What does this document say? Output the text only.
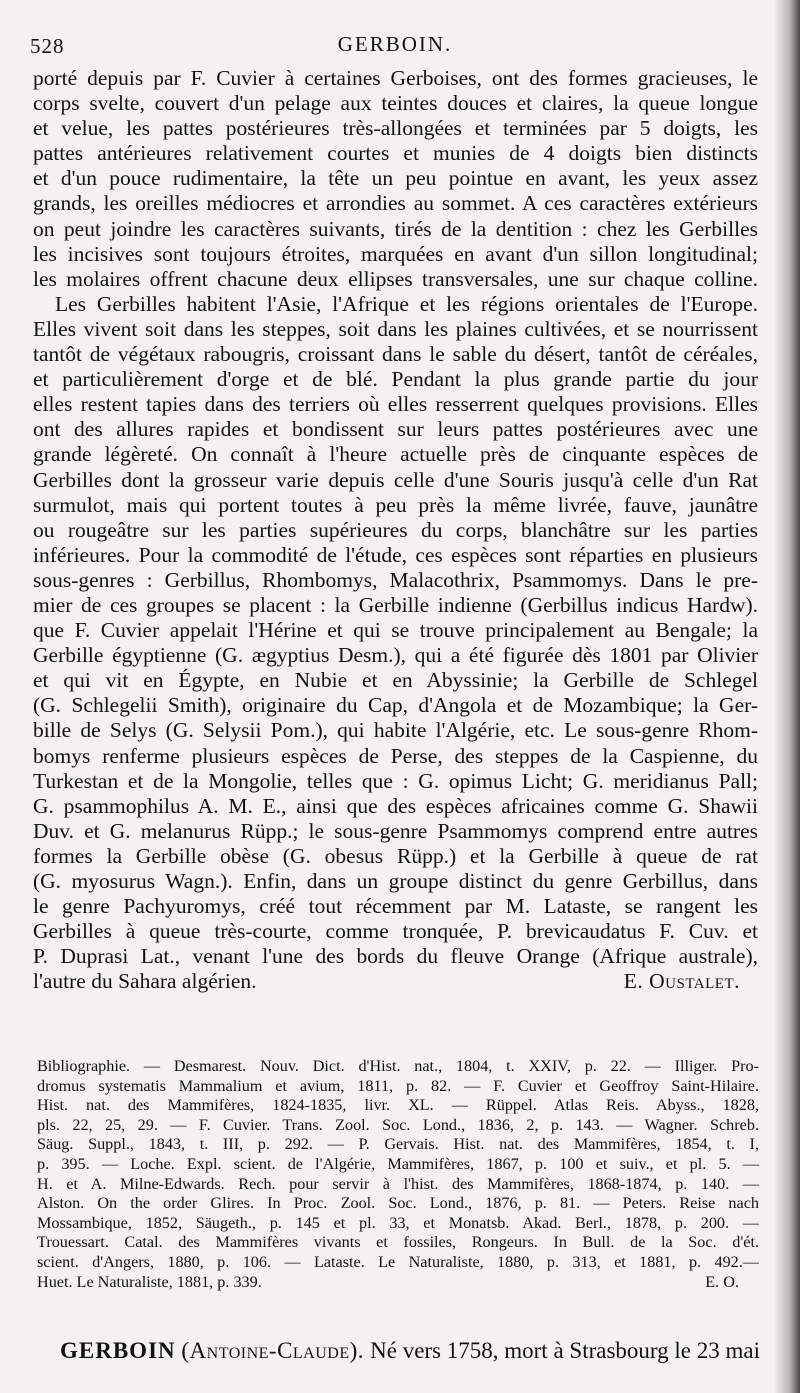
528	GERBOIN.
porté depuis par F. Cuvier à certaines Gerboises, ont des formes gracieuses, le
corps svelte, couvert d'un pelage aux teintes douces et claires, la queue longue
et velue, les pattes postérieures très-allongées et terminées par 5 doigts, les
pattes antérieures relativement courtes et munies de 4 doigts bien distincts
et d'un pouce rudimentaire, la tête un peu pointue en avant, les yeux assez
grands, les oreilles médiocres et arrondies au sommet. A ces caractères extérieurs
on peut joindre les caractères suivants, tirés de la dentition : chez les Gerbilles
les incisives sont toujours étroites, marquées en avant d'un sillon longitudinal;
les molaires offrent chacune deux ellipses transversales, une sur chaque colline.
Les Gerbilles habitent l'Asie, l'Afrique et les régions orientales de l'Europe.
Elles vivent soit dans les steppes, soit dans les plaines cultivées, et se nourrissent
tantôt de végétaux rabougris, croissant dans le sable du désert, tantôt de céréales,
et particulièrement d'orge et de blé. Pendant la plus grande partie du jour
elles restent tapies dans des terriers où elles resserrent quelques provisions. Elles
ont des allures rapides et bondissent sur leurs pattes postérieures avec une
grande légèreté. On connaît à l'heure actuelle près de cinquante espèces de
Gerbilles dont la grosseur varie depuis celle d'une Souris jusqu'à celle d'un Rat
surmulot, mais qui portent toutes à peu près la même livrée, fauve, jaunâtre
ou rougeâtre sur les parties supérieures du corps, blanchâtre sur les parties
inférieures. Pour la commodité de l'étude, ces espèces sont réparties en plusieurs
sous-genres : Gerbillus, Rhombomys, Malacothrix, Psammomys. Dans le pre-
mier de ces groupes se placent : la Gerbille indienne (Gerbillus indicus Hardw).
que F. Cuvier appelait l'Hérine et qui se trouve principalement au Bengale; la
Gerbille égyptienne (G. ægyptius Desm.), qui a été figurée dès 1801 par Olivier
et qui vit en Égypte, en Nubie et en Abyssinie; la Gerbille de Schlegel
(G. Schlegelii Smith), originaire du Cap, d'Angola et de Mozambique; la Ger-
bille de Selys (G. Selysii Pom.), qui habite l'Algérie, etc. Le sous-genre Rhom-
bomys renferme plusieurs espèces de Perse, des steppes de la Caspienne, du
Turkestan et de la Mongolie, telles que : G. opimus Licht; G. meridianus Pall;
G. psammophilus A. M. E., ainsi que des espèces africaines comme G. Shawii
Duv. et G. melanurus Rüpp.; le sous-genre Psammomys comprend entre autres
formes la Gerbille obèse (G. obesus Rüpp.) et la Gerbille à queue de rat
(G. myosurus Wagn.). Enfin, dans un groupe distinct du genre Gerbillus, dans
le genre Pachyuromys, créé tout récemment par M. Lataste, se rangent les
Gerbilles à queue très-courte, comme tronquée, P. brevicaudatus F. Cuv. et
P. Duprasi Lat., venant l'une des bords du fleuve Orange (Afrique australe),
l'autre du Sahara algérien.	E. Oustalet.
Bibliographie. — Desmarest. Nouv. Dict. d'Hist. nat., 1804, t. XXIV, p. 22. — Illiger. Pro-
dromus systematis Mammalium et avium, 1811, p. 82. — F. Cuvier et Geoffroy Saint-Hilaire.
Hist. nat. des Mammifères, 1824-1835, livr. XL. — Rüppel. Atlas Reis. Abyss., 1828,
pls. 22, 25, 29. — F. Cuvier. Trans. Zool. Soc. Lond., 1836, 2, p. 143. — Wagner. Schreb.
Säug. Suppl., 1843, t. III, p. 292. — P. Gervais. Hist. nat. des Mammifères, 1854, t. I,
p. 395. — Loche. Expl. scient. de l'Algérie, Mammifères, 1867, p. 100 et suiv., et pl. 5. —
H. et A. Milne-Edwards. Rech. pour servir à l'hist. des Mammifères, 1868-1874, p. 140. —
Alston. On the order Glires. In Proc. Zool. Soc. Lond., 1876, p. 81. — Peters. Reise nach
Mossambique, 1852, Säugeth., p. 145 et pl. 33, et Monatsb. Akad. Berl., 1878, p. 200. —
Trouessart. Catal. des Mammifères vivants et fossiles, Rongeurs. In Bull. de la Soc. d'ét.
scient. d'Angers, 1880, p. 106. — Lataste. Le Naturaliste, 1880, p. 313, et 1881, p. 492.—
Huet. Le Naturaliste, 1881, p. 339.	E. O.
GERBOIN (Antoine-Claude). Né vers 1758, mort à Strasbourg le 23 mai
